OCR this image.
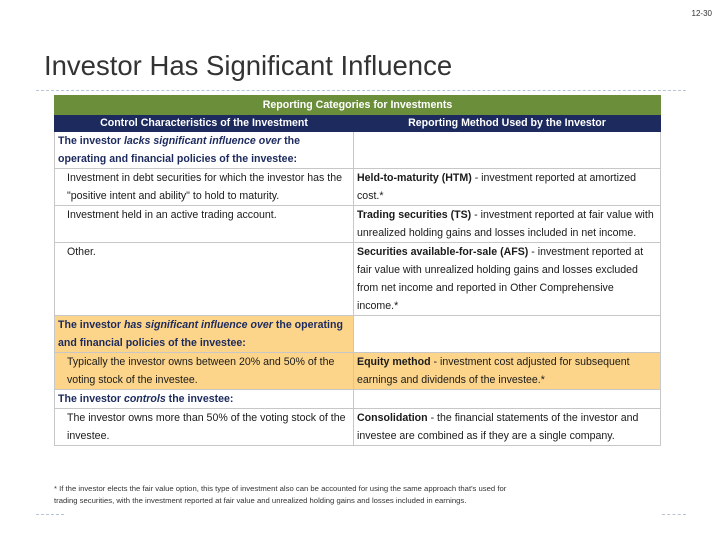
12-30
Investor Has Significant Influence
Reporting Categories for Investments	
Control Characteristics of the Investment	Reporting Method Used by the Investor
The investor lacks significant influence over the operating and financial policies of the investee:	
Investment in debt securities for which the investor has the "positive intent and ability" to hold to maturity.	Held-to-maturity (HTM) - investment reported at amortized cost.*
Investment held in an active trading account.	Trading securities (TS) - investment reported at fair value with unrealized holding gains and losses included in net income.
Other.	Securities available-for-sale (AFS) - investment reported at fair value with unrealized holding gains and losses excluded from net income and reported in Other Comprehensive income.*
The investor has significant influence over the operating and financial policies of the investee:	
Typically the investor owns between 20% and 50% of the voting stock of the investee.	Equity method - investment cost adjusted for subsequent earnings and dividends of the investee.*
The investor controls the investee:	
The investor owns more than 50% of the voting stock of the investee.	Consolidation - the financial statements of the investor and investee are combined as if they are a single company.
* If the investor elects the fair value option, this type of investment also can be accounted for using the same approach that's used for
trading securities, with the investment reported at fair value and unrealized holding gains and losses included in earnings.
